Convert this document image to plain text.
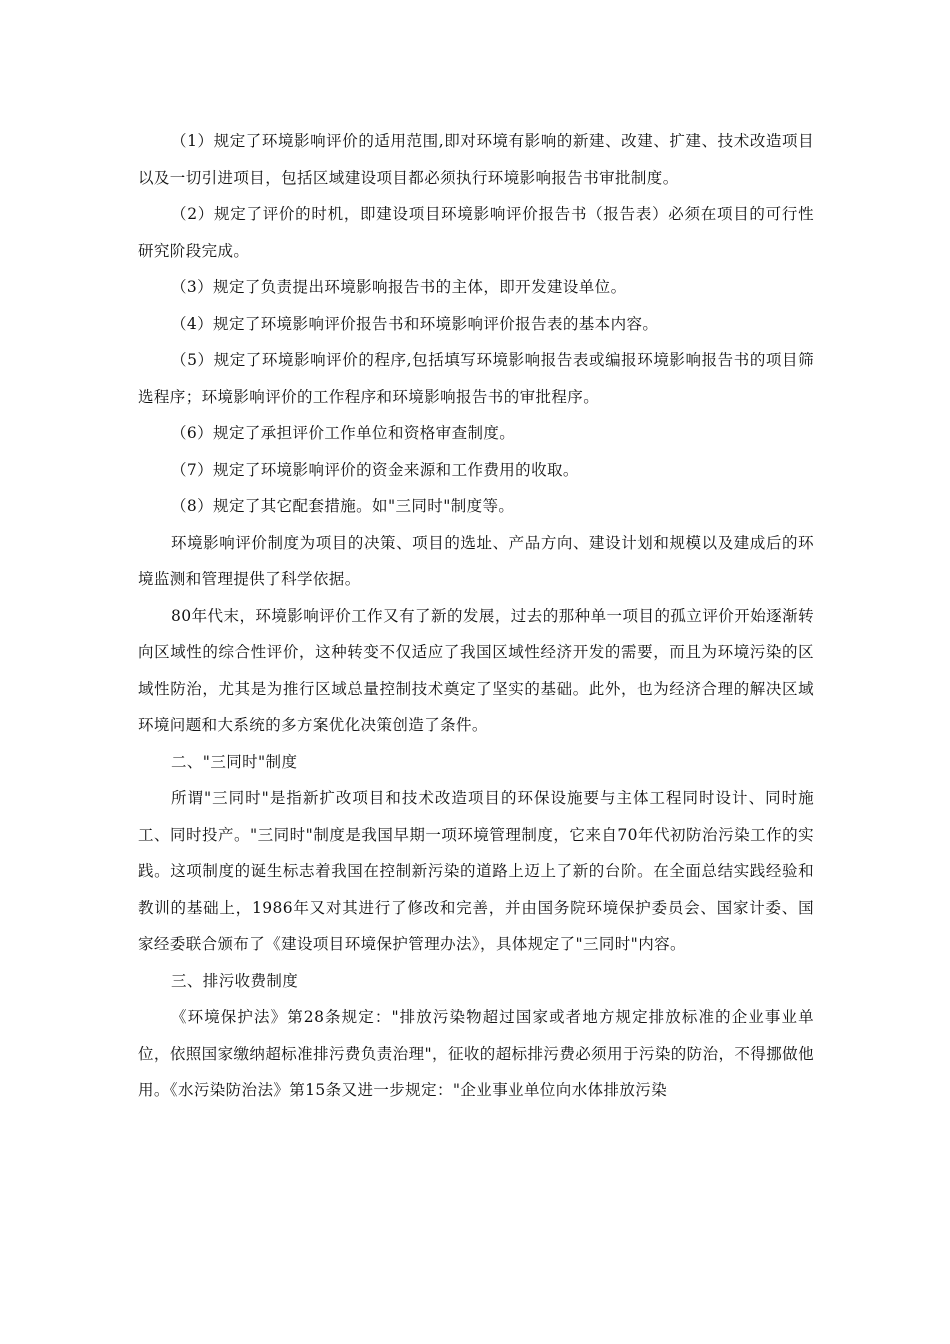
（1）规定了环境影响评价的适用范围,即对环境有影响的新建、改建、扩建、技术改造项目以及一切引进项目，包括区域建设项目都必须执行环境影响报告书审批制度。

（2）规定了评价的时机，即建设项目环境影响评价报告书（报告表）必须在项目的可行性研究阶段完成。

（3）规定了负责提出环境影响报告书的主体，即开发建设单位。

（4）规定了环境影响评价报告书和环境影响评价报告表的基本内容。

（5）规定了环境影响评价的程序,包括填写环境影响报告表或编报环境影响报告书的项目筛选程序；环境影响评价的工作程序和环境影响报告书的审批程序。

（6）规定了承担评价工作单位和资格审查制度。

（7）规定了环境影响评价的资金来源和工作费用的收取。

（8）规定了其它配套措施。如"三同时"制度等。

环境影响评价制度为项目的决策、项目的选址、产品方向、建设计划和规模以及建成后的环境监测和管理提供了科学依据。

80年代末，环境影响评价工作又有了新的发展，过去的那种单一项目的孤立评价开始逐渐转向区域性的综合性评价，这种转变不仅适应了我国区域性经济开发的需要，而且为环境污染的区域性防治，尤其是为推行区域总量控制技术奠定了坚实的基础。此外，也为经济合理的解决区域环境问题和大系统的多方案优化决策创造了条件。

二、"三同时"制度

所谓"三同时"是指新扩改项目和技术改造项目的环保设施要与主体工程同时设计、同时施工、同时投产。"三同时"制度是我国早期一项环境管理制度，它来自70年代初防治污染工作的实践。这项制度的诞生标志着我国在控制新污染的道路上迈上了新的台阶。在全面总结实践经验和教训的基础上，1986年又对其进行了修改和完善，并由国务院环境保护委员会、国家计委、国家经委联合颁布了《建设项目环境保护管理办法》，具体规定了"三同时"内容。

三、排污收费制度

《环境保护法》第28条规定："排放污染物超过国家或者地方规定排放标准的企业事业单位，依照国家缴纳超标准排污费负责治理"，征收的超标排污费必须用于污染的防治，不得挪做他用。《水污染防治法》第15条又进一步规定："企业事业单位向水体排放污染
